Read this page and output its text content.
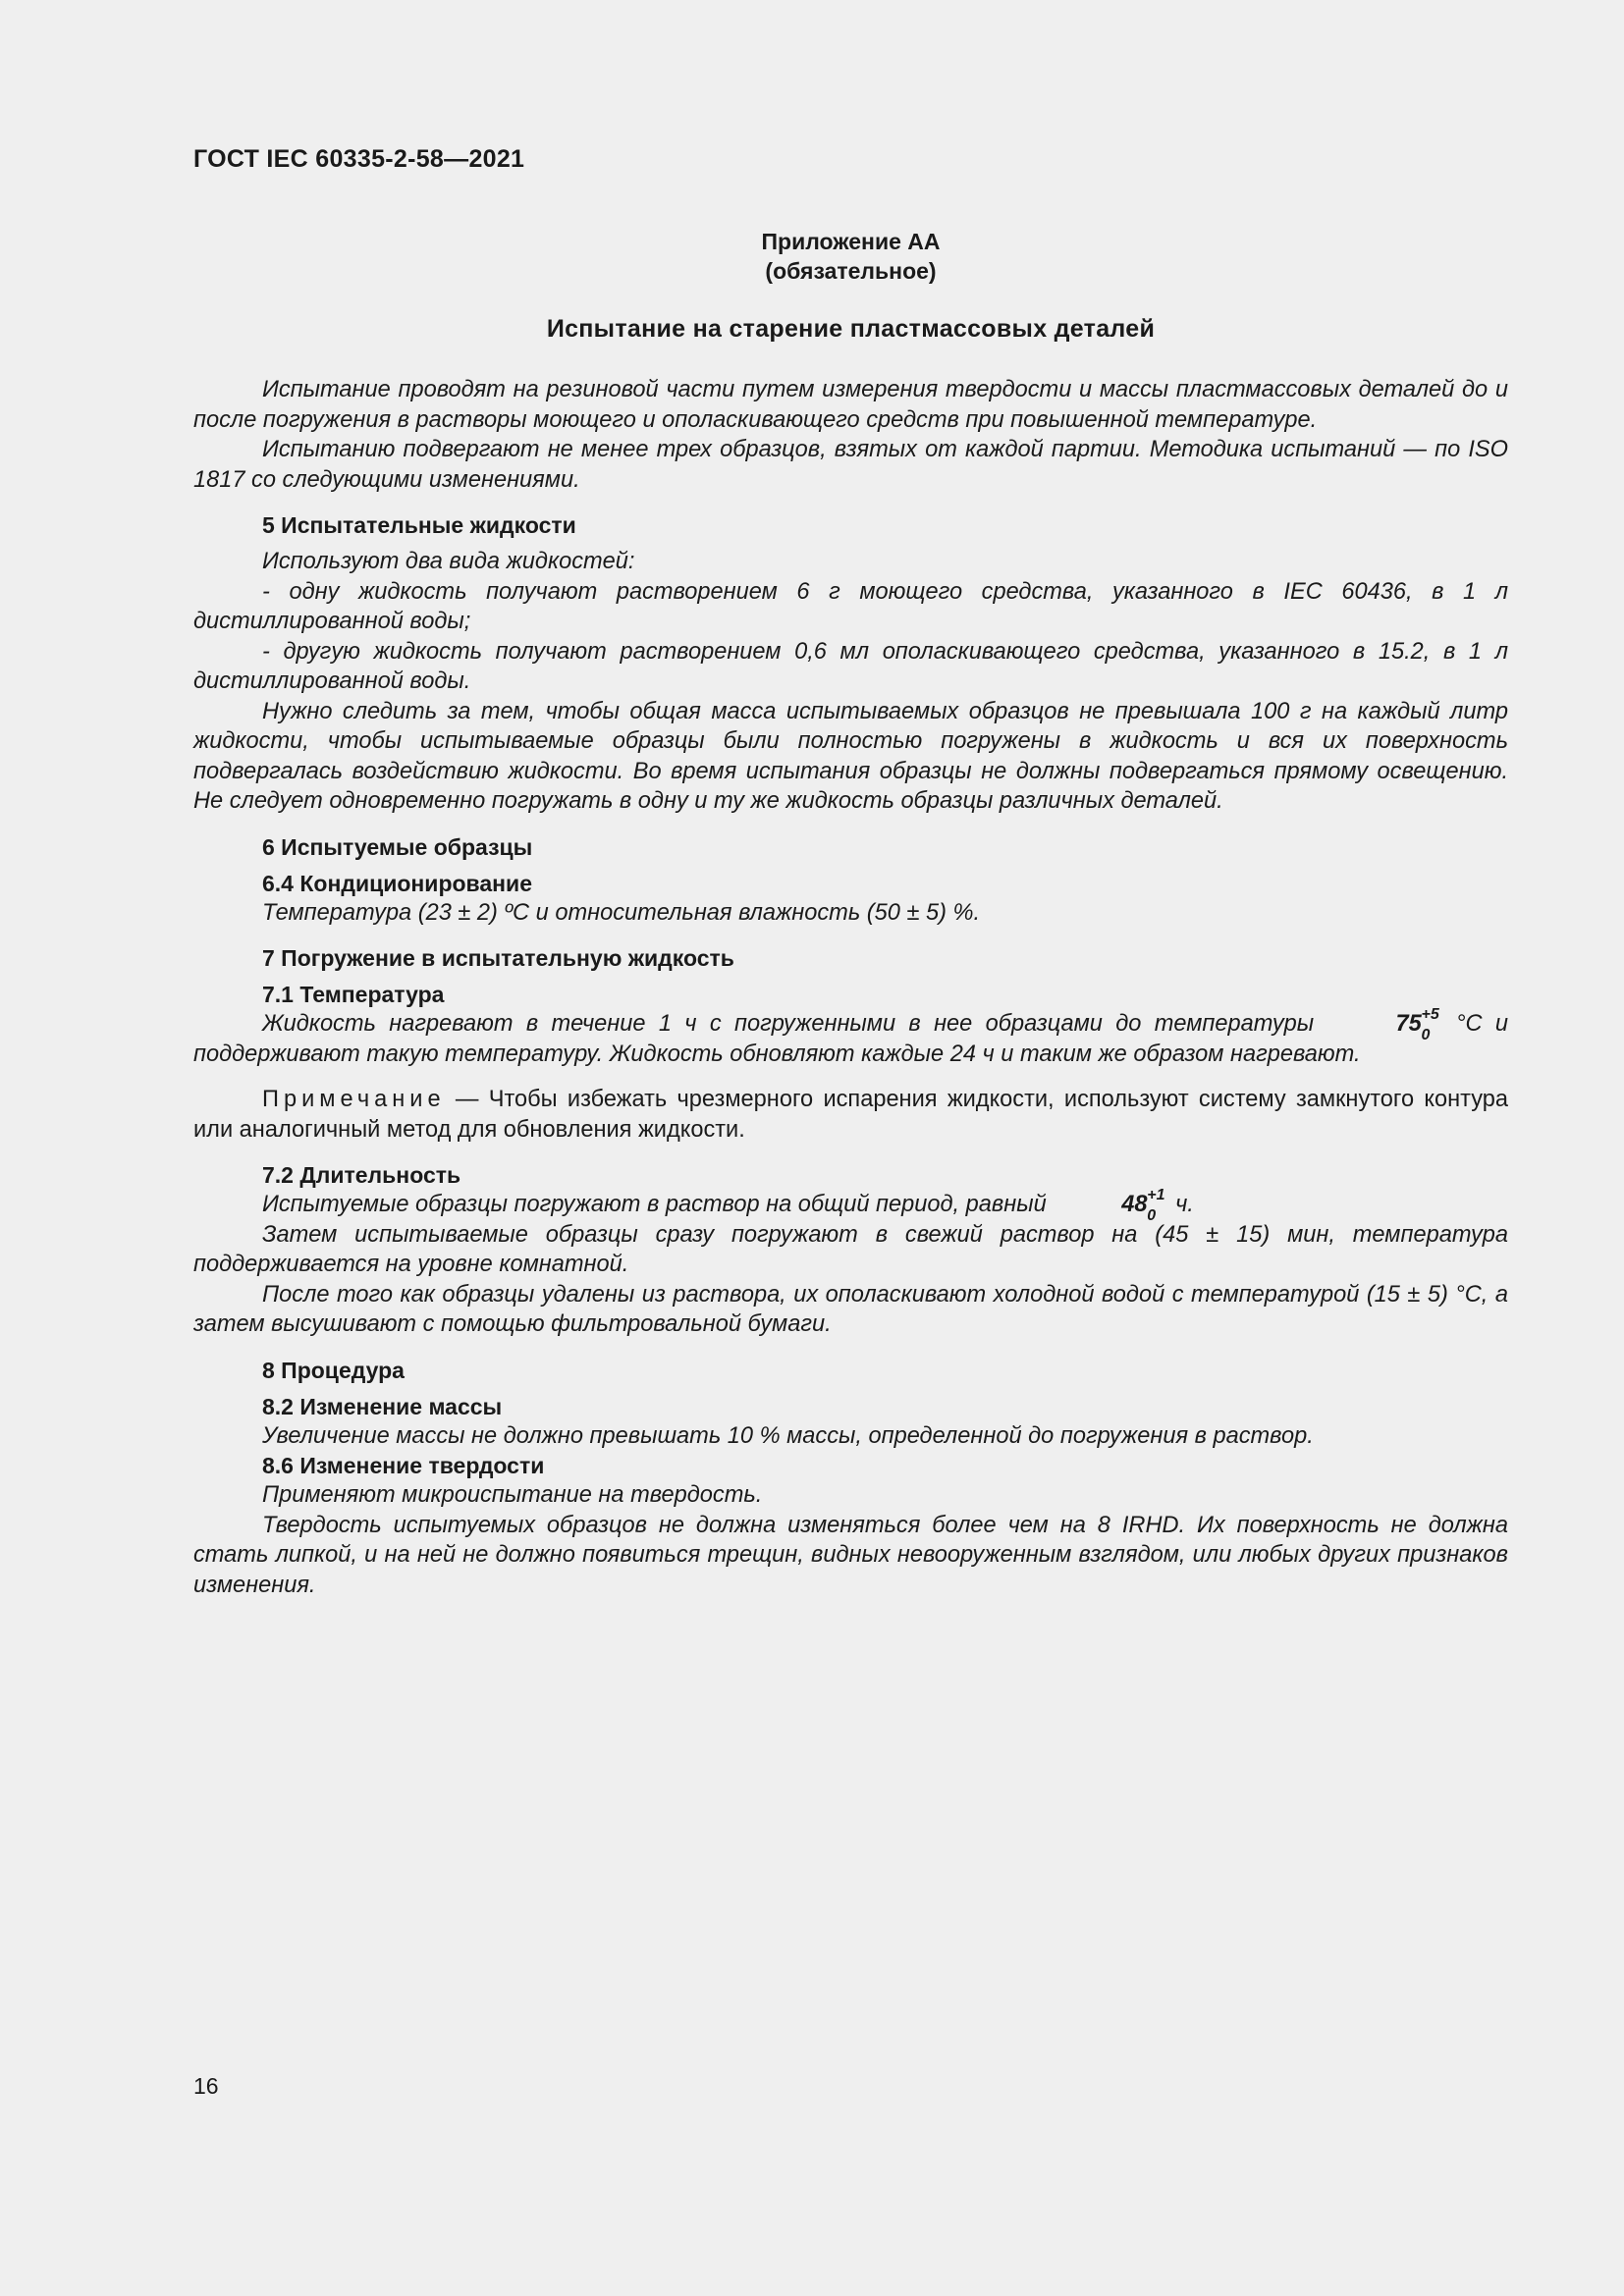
ГОСТ IEC 60335-2-58—2021
Приложение АА
(обязательное)
Испытание на старение пластмассовых деталей

Испытание проводят на резиновой части путем измерения твердости и массы пластмассовых деталей до и после погружения в растворы моющего и ополаскивающего средств при повышенной температуре.

Испытанию подвергают не менее трех образцов, взятых от каждой партии. Методика испытаний — по ISO 1817 со следующими изменениями.

5 Испытательные жидкости

Используют два вида жидкостей:

- одну жидкость получают растворением 6 г моющего средства, указанного в IEC 60436, в 1 л дистиллированной воды;

- другую жидкость получают растворением 0,6 мл ополаскивающего средства, указанного в 15.2, в 1 л дистиллированной воды.

Нужно следить за тем, чтобы общая масса испытываемых образцов не превышала 100 г на каждый литр жидкости, чтобы испытываемые образцы были полностью погружены в жидкость и вся их поверхность подвергалась воздействию жидкости. Во время испытания образцы не должны подвергаться прямому освещению. Не следует одновременно погружать в одну и ту же жидкость образцы различных деталей.

6 Испытуемые образцы
6.4 Кондиционирование

Температура (23 ± 2) ºС и относительная влажность (50 ± 5) %.

7 Погружение в испытательную жидкость
7.1 Температура

Жидкость нагревают в течение 1 ч с погруженными в нее образцами до температуры	75 +5
0 °С и поддерживают такую температуру. Жидкость обновляют каждые 24 ч и таким же образом нагревают.

Примечание — Чтобы избежать чрезмерного испарения жидкости, используют систему замкнутого контура или аналогичный метод для обновления жидкости.

7.2 Длительность

Испытуемые образцы погружают в раствор на общий период, равный	48 +1
0 ч.

Затем испытываемые образцы сразу погружают в свежий раствор на (45 ± 15) мин, температура поддерживается на уровне комнатной.

После того как образцы удалены из раствора, их ополаскивают холодной водой с температурой (15 ± 5) °С, а затем высушивают с помощью фильтровальной бумаги.

8 Процедура
8.2 Изменение массы

Увеличение массы не должно превышать 10 % массы, определенной до погружения в раствор.

8.6 Изменение твердости

Применяют микроиспытание на твердость.

Твердость испытуемых образцов не должна изменяться более чем на 8 IRHD. Их поверхность не должна стать липкой, и на ней не должно появиться трещин, видных невооруженным взглядом, или любых других признаков изменения.

16
